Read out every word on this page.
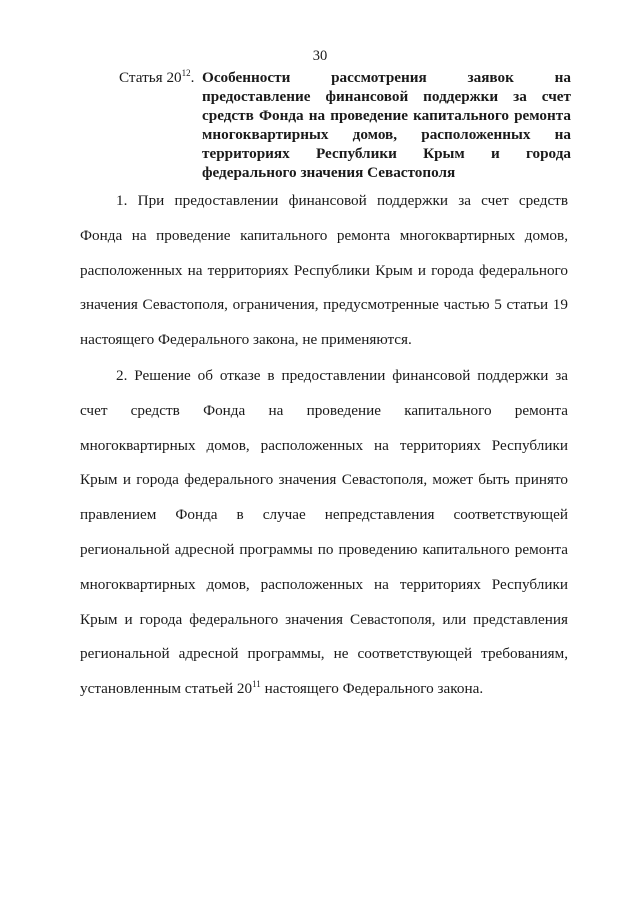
30
Статья $20^{12}$. Особенности рассмотрения заявок на предоставление финансовой поддержки за счет средств Фонда на проведение капитального ремонта многоквартирных домов, расположенных на территориях Республики Крым и города федерального значения Севастополя

1. При предоставлении финансовой поддержки за счет средств Фонда на проведение капитального ремонта многоквартирных домов, расположенных на территориях Республики Крым и города федерального значения Севастополя, ограничения, предусмотренные частью 5 статьи 19 настоящего Федерального закона, не применяются.

2. Решение об отказе в предоставлении финансовой поддержки за счет средств Фонда на проведение капитального ремонта многоквартирных домов, расположенных на территориях Республики Крым и города федерального значения Севастополя, может быть принято правлением Фонда в случае непредставления соответствующей региональной адресной программы по проведению капитального ремонта многоквартирных домов, расположенных на территориях Республики Крым и города федерального значения Севастополя, или представления региональной адресной программы, не соответствующей требованиям, установленным статьей $20^{11}$ настоящего Федерального закона.
